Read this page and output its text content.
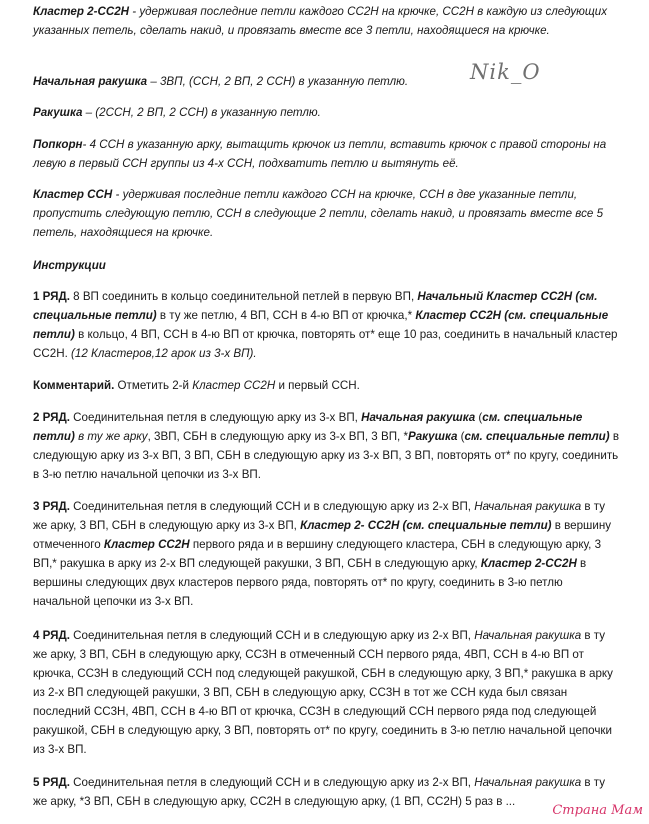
Кластер 2-СС2Н - удерживая последние петли каждого СС2Н на крючке, СС2Н в каждую из следующих указанных петель, сделать накид, и провязать вместе все 3 петли, находящиеся на крючке.

Начальная ракушка – 3ВП, (ССН, 2 ВП, 2 ССН) в указанную петлю.	Nik_O

Ракушка – (2ССН, 2 ВП, 2 ССН) в указанную петлю.

Попкорн- 4 ССН в указанную арку, вытащить крючок из петли, вставить крючок с правой стороны на левую в первый ССН группы из 4-х ССН, подхватить петлю и вытянуть её.

Кластер ССН - удерживая последние петли каждого ССН на крючке, ССН в две указанные петли, пропустить следующую петлю, ССН в следующие 2 петли, сделать накид, и провязать вместе все 5 петель, находящиеся на крючке.

Инструкции

1 РЯД. 8 ВП соединить в кольцо соединительной петлей в первую ВП, Начальный Кластер СС2Н (см. специальные петли) в ту же петлю, 4 ВП, ССН в 4-ю ВП от крючка,* Кластер СС2Н (см. специальные петли) в кольцо, 4 ВП, ССН в 4-ю ВП от крючка, повторять от* еще 10 раз, соединить в начальный кластер СС2Н. (12 Кластеров,12 арок из 3-х ВП).

Комментарий. Отметить 2-й Кластер СС2Н и первый ССН.

2 РЯД. Соединительная петля в следующую арку из 3-х ВП, Начальная ракушка (см. специальные петли) в ту же арку, 3ВП, СБН в следующую арку из 3-х ВП, 3 ВП, *Ракушка (см. специальные петли) в следующую арку из 3-х ВП, 3 ВП, СБН в следующую арку из 3-х ВП, 3 ВП, повторять от* по кругу, соединить в 3-ю петлю начальной цепочки из 3-х ВП.

3 РЯД. Соединительная петля в следующий ССН и в следующую арку из 2-х ВП, Начальная ракушка в ту же арку, 3 ВП, СБН в следующую арку из 3-х ВП, Кластер 2- СС2Н (см. специальные петли) в вершину отмеченного Кластер СС2Н первого ряда и в вершину следующего кластера, СБН в следующую арку, 3 ВП,* ракушка в арку из 2-х ВП следующей ракушки, 3 ВП, СБН в следующую арку, Кластер 2-СС2Н в вершины следующих двух кластеров первого ряда, повторять от* по кругу, соединить в 3-ю петлю начальной цепочки из 3-х ВП.

4 РЯД. Соединительная петля в следующий ССН и в следующую арку из 2-х ВП, Начальная ракушка в ту же арку, 3 ВП, СБН в следующую арку, СС3Н в отмеченный ССН первого ряда, 4ВП, ССН в 4-ю ВП от крючка, СС3Н в следующий ССН под следующей ракушкой, СБН в следующую арку, 3 ВП,* ракушка в арку из 2-х ВП следующей ракушки, 3 ВП, СБН в следующую арку, СС3Н в тот же ССН куда был связан последний СС3Н, 4ВП, ССН в 4-ю ВП от крючка, СС3Н в следующий ССН первого ряда под следующей ракушкой, СБН в следующую арку, 3 ВП, повторять от* по кругу, соединить в 3-ю петлю начальной цепочки из 3-х ВП.

5 РЯД. Соединительная петля в следующий ССН и в следующую арку из 2-х ВП, Начальная ракушка в ту же арку, *3 ВП, СБН в следующую арку, СС2Н в следующую арку, (1 ВП, СС2Н) 5 раз в ...

Страна Мам
